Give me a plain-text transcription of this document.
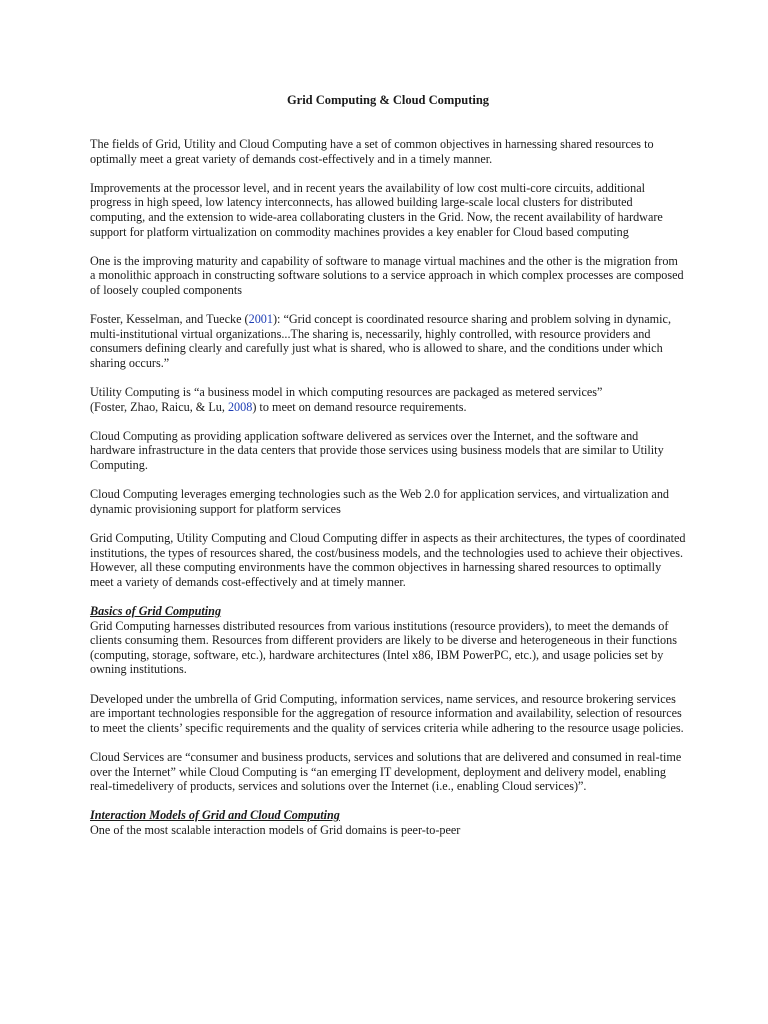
Grid Computing & Cloud Computing

The fields of Grid, Utility and Cloud Computing have a set of common objectives in harnessing shared resources to optimally meet a great variety of demands cost-effectively and in a timely manner.

Improvements at the processor level, and in recent years the availability of low cost multi-core circuits, additional progress in high speed, low latency interconnects, has allowed building large-scale local clusters for distributed computing, and the extension to wide-area collaborating clusters in the Grid. Now, the recent availability of hardware support for platform virtualization on commodity machines provides a key enabler for Cloud based computing

One is the improving maturity and capability of software to manage virtual machines and the other is the migration from a monolithic approach in constructing software solutions to a service approach in which complex processes are composed of loosely coupled components

Foster, Kesselman, and Tuecke (2001): “Grid concept is coordinated resource sharing and problem solving in dynamic, multi-institutional virtual organizations...The sharing is, necessarily, highly controlled, with resource providers and consumers defining clearly and carefully just what is shared, who is allowed to share, and the conditions under which sharing occurs.”

Utility Computing is “a business model in which computing resources are packaged as metered services”
(Foster, Zhao, Raicu, & Lu, 2008) to meet on demand resource requirements.

Cloud Computing as providing application software delivered as services over the Internet, and the software and hardware infrastructure in the data centers that provide those services using business models that are similar to Utility Computing.

Cloud Computing leverages emerging technologies such as the Web 2.0 for application services, and virtualization and dynamic provisioning support for platform services

Grid Computing, Utility Computing and Cloud Computing differ in aspects as their architectures, the types of coordinated institutions, the types of resources shared, the cost/business models, and the technologies used to achieve their objectives. However, all these computing environments have the common objectives in harnessing shared resources to optimally meet a variety of demands cost-effectively and at timely manner.

Basics of Grid Computing
Grid Computing harnesses distributed resources from various institutions (resource providers), to meet the demands of clients consuming them. Resources from different providers are likely to be diverse and heterogeneous in their functions (computing, storage, software, etc.), hardware architectures (Intel x86, IBM PowerPC, etc.), and usage policies set by owning institutions.

Developed under the umbrella of Grid Computing, information services, name services, and resource brokering services are important technologies responsible for the aggregation of resource information and availability, selection of resources to meet the clients’ specific requirements and the quality of services criteria while adhering to the resource usage policies.

Cloud Services are “consumer and business products, services and solutions that are delivered and consumed in real-time over the Internet” while Cloud Computing is “an emerging IT development, deployment and delivery model, enabling real-timedelivery of products, services and solutions over the Internet (i.e., enabling Cloud services)”.

Interaction Models of Grid and Cloud Computing
One of the most scalable interaction models of Grid domains is peer-to-peer
